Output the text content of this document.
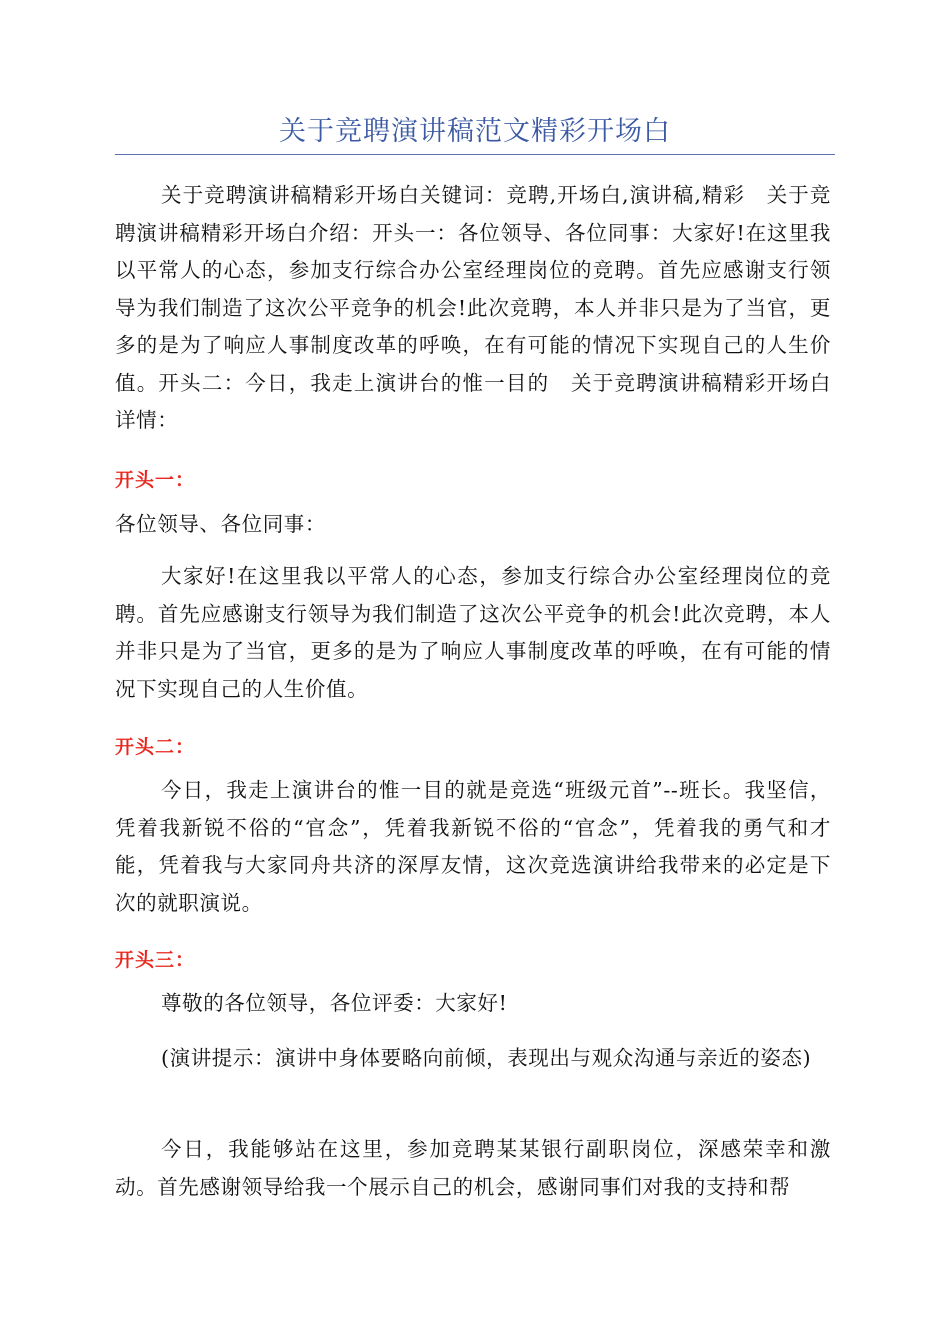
关于竞聘演讲稿范文精彩开场白
关于竞聘演讲稿精彩开场白关键词：竞聘,开场白,演讲稿,精彩　关于竞聘演讲稿精彩开场白介绍：开头一：各位领导、各位同事：大家好!在这里我以平常人的心态，参加支行综合办公室经理岗位的竞聘。首先应感谢支行领导为我们制造了这次公平竞争的机会!此次竞聘，本人并非只是为了当官，更多的是为了响应人事制度改革的呼唤，在有可能的情况下实现自己的人生价值。开头二：今日，我走上演讲台的惟一目的　关于竞聘演讲稿精彩开场白详情：
开头一：
各位领导、各位同事：
大家好!在这里我以平常人的心态，参加支行综合办公室经理岗位的竞聘。首先应感谢支行领导为我们制造了这次公平竞争的机会!此次竞聘，本人并非只是为了当官，更多的是为了响应人事制度改革的呼唤，在有可能的情况下实现自己的人生价值。
开头二：
今日，我走上演讲台的惟一目的就是竞选“班级元首”--班长。我坚信，凭着我新锐不俗的“官念”，凭着我新锐不俗的“官念”，凭着我的勇气和才能，凭着我与大家同舟共济的深厚友情，这次竞选演讲给我带来的必定是下次的就职演说。
开头三：
尊敬的各位领导，各位评委：大家好!
(演讲提示：演讲中身体要略向前倾，表现出与观众沟通与亲近的姿态)
今日，我能够站在这里，参加竞聘某某银行副职岗位，深感荣幸和激动。首先感谢领导给我一个展示自己的机会，感谢同事们对我的支持和帮
